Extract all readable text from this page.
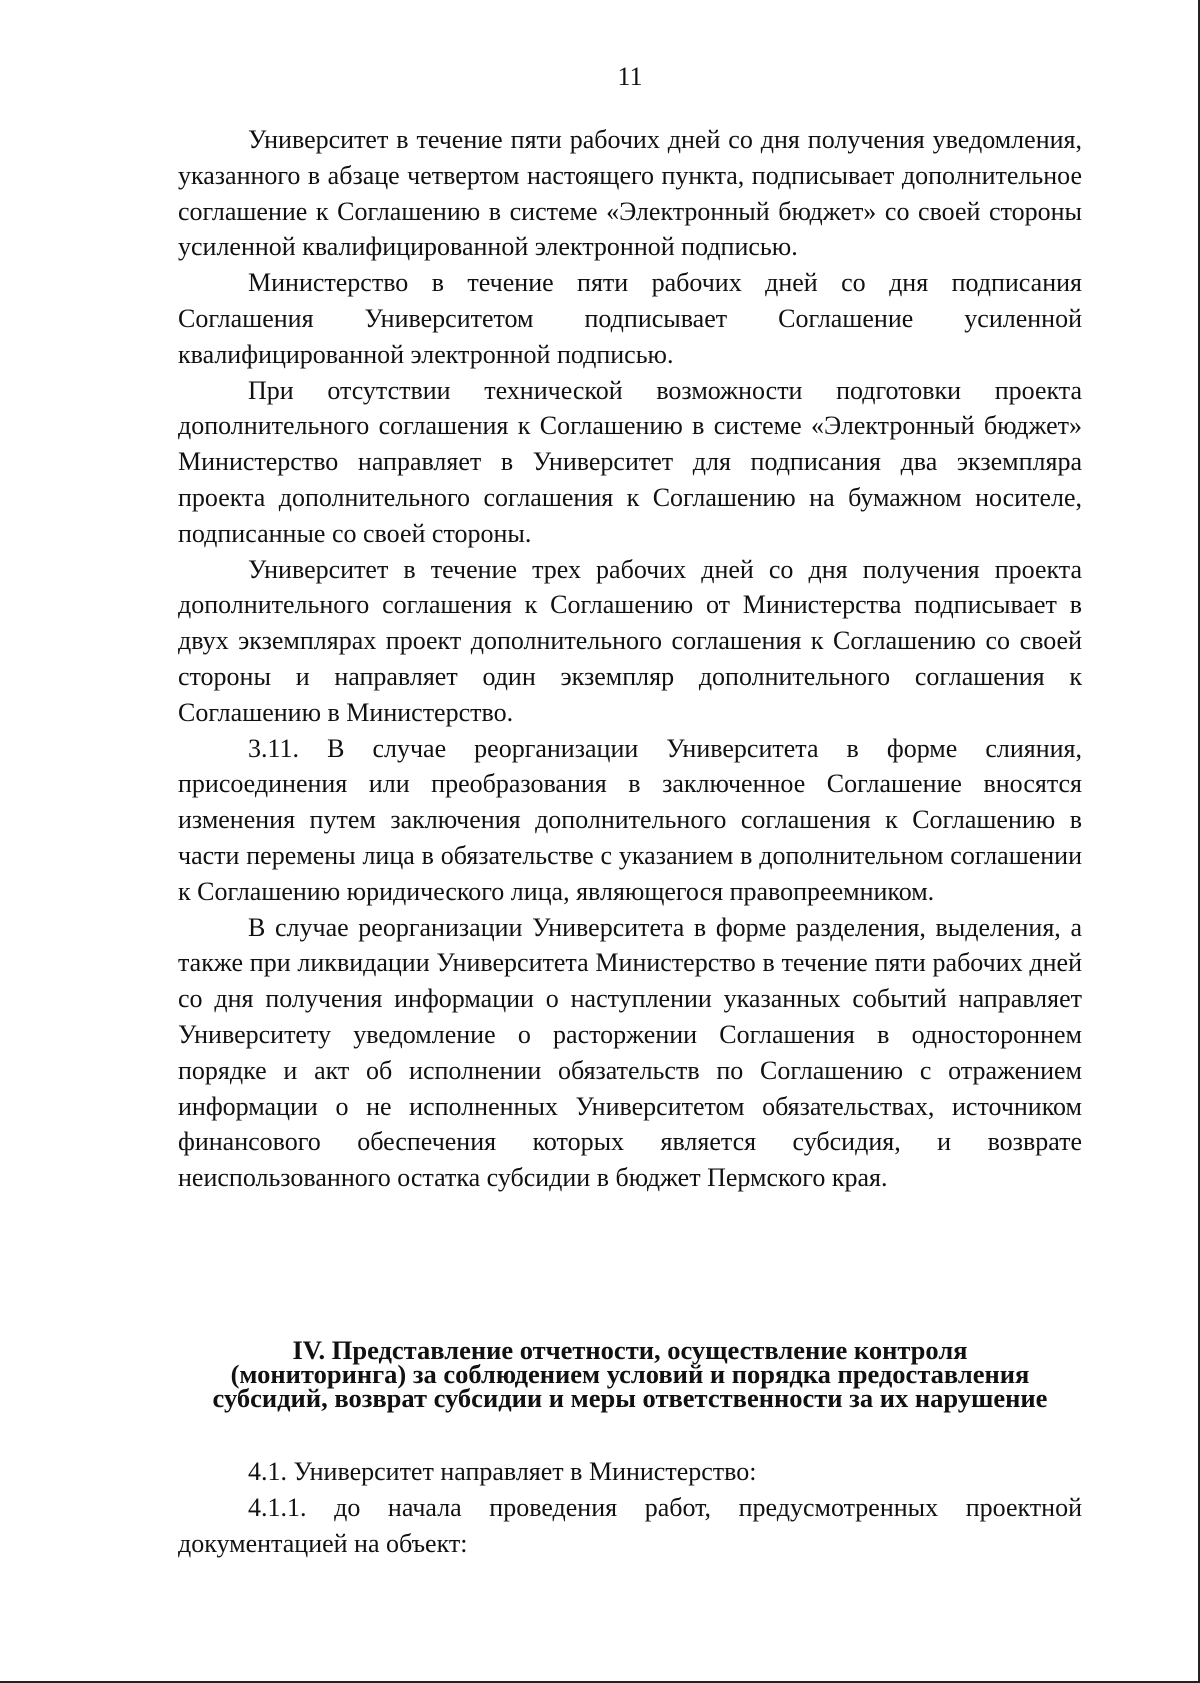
11

Университет в течение пяти рабочих дней со дня получения уведомления, указанного в абзаце четвертом настоящего пункта, подписывает дополнительное соглашение к Соглашению в системе «Электронный бюджет» со своей стороны усиленной квалифицированной электронной подписью.

Министерство в течение пяти рабочих дней со дня подписания Соглашения Университетом подписывает Соглашение усиленной квалифицированной электронной подписью.

При отсутствии технической возможности подготовки проекта дополнительного соглашения к Соглашению в системе «Электронный бюджет» Министерство направляет в Университет для подписания два экземпляра проекта дополнительного соглашения к Соглашению на бумажном носителе, подписанные со своей стороны.

Университет в течение трех рабочих дней со дня получения проекта дополнительного соглашения к Соглашению от Министерства подписывает в двух экземплярах проект дополнительного соглашения к Соглашению со своей стороны и направляет один экземпляр дополнительного соглашения к Соглашению в Министерство.

3.11. В случае реорганизации Университета в форме слияния, присоединения или преобразования в заключенное Соглашение вносятся изменения путем заключения дополнительного соглашения к Соглашению в части перемены лица в обязательстве с указанием в дополнительном соглашении к Соглашению юридического лица, являющегося правопреемником.

В случае реорганизации Университета в форме разделения, выделения, а также при ликвидации Университета Министерство в течение пяти рабочих дней со дня получения информации о наступлении указанных событий направляет Университету уведомление о расторжении Соглашения в одностороннем порядке и акт об исполнении обязательств по Соглашению с отражением информации о не исполненных Университетом обязательствах, источником финансового обеспечения которых является субсидия, и возврате неиспользованного остатка субсидии в бюджет Пермского края.

IV. Представление отчетности, осуществление контроля
(мониторинга) за соблюдением условий и порядка предоставления
субсидий, возврат субсидии и меры ответственности за их нарушение

4.1. Университет направляет в Министерство:

4.1.1. до начала проведения работ, предусмотренных проектной документацией на объект:
